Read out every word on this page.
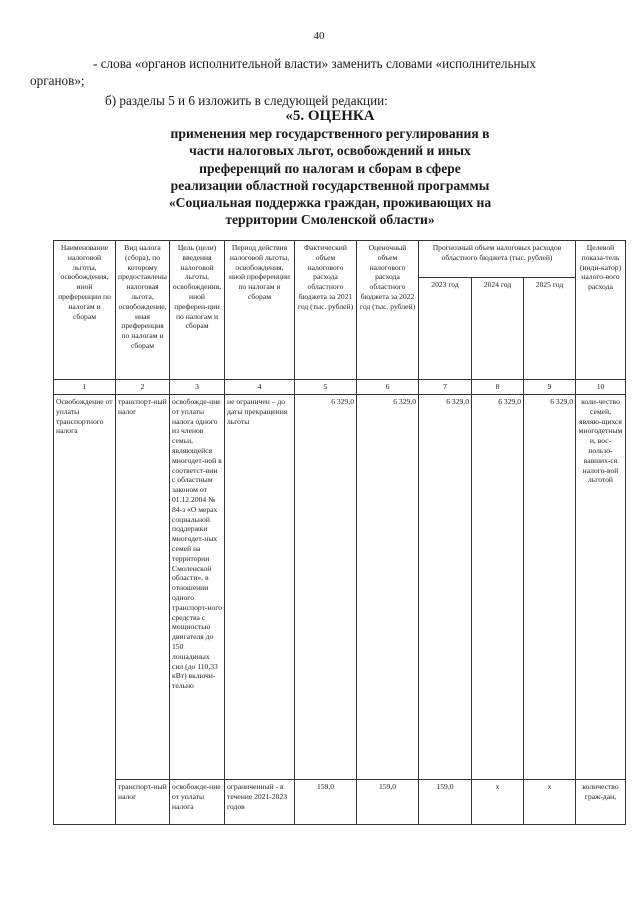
40
- слова «органов исполнительной власти» заменить словами «исполнительных
органов»;
б) разделы 5 и 6 изложить в следующей редакции:
«5. ОЦЕНКА
применения мер государственного регулирования в
части налоговых льгот, освобождений и иных
преференций по налогам и сборам в сфере
реализации областной государственной программы
«Социальная поддержка граждан, проживающих на
территории Смоленской области»
Наименование налоговой льготы, освобождения, иной преференции по налогам и сборам	Вид налога (сбора), по которому предоставлены налоговая льгота, освобождение, иная преференция по налогам и сборам	Цель (цели) введения налоговой льготы, освобождения, иной преферен-ции по налогам и сборам	Период действия налоговой льготы, освобождения, иной преференции по налогам и сборам	Фактический объем налогового расхода областного бюджета за 2021 год (тыс. рублей)	Оценочный объем налогового расхода областного бюджета за 2022 год (тыс. рублей)	Прогнозный объем налоговых расходов областного бюджета (тыс. рублей)			Целевой показа-тель (инди-катор) налого-вого расхода
						2023 год	2024 год	2025 год	
1	2	3	4	5	6	7	8	9	10
Освобождение от уплаты транспортного налога	транспорт-ный налог	освобожде-ние от уплаты налога одного из членов семьи, являющейся многодет-ной в соответст-вии с областным законом от 01.12.2004 № 84-з «О мерах социальной поддержки многодет-ных семей на территории Смоленской области», в отношении одного транспорт-ного средства с мощностью двигателя до 150 лошадиных сил (до 110,33 кВт) включи-тельно	не ограничен – до даты прекращения льготы	6 329,0	6 329,0	6 329,0	6 329,0	6 329,0	коли-чество семей, являю-щихся многодетными, вос-пользо-вавших-ся налого-вой льготой
	транспорт-ный налог	освобожде-ние от уплаты налога	ограниченный - в течение 2021-2023 годов	159,0	159,0	159,0	х	х	количество граж-дан,
